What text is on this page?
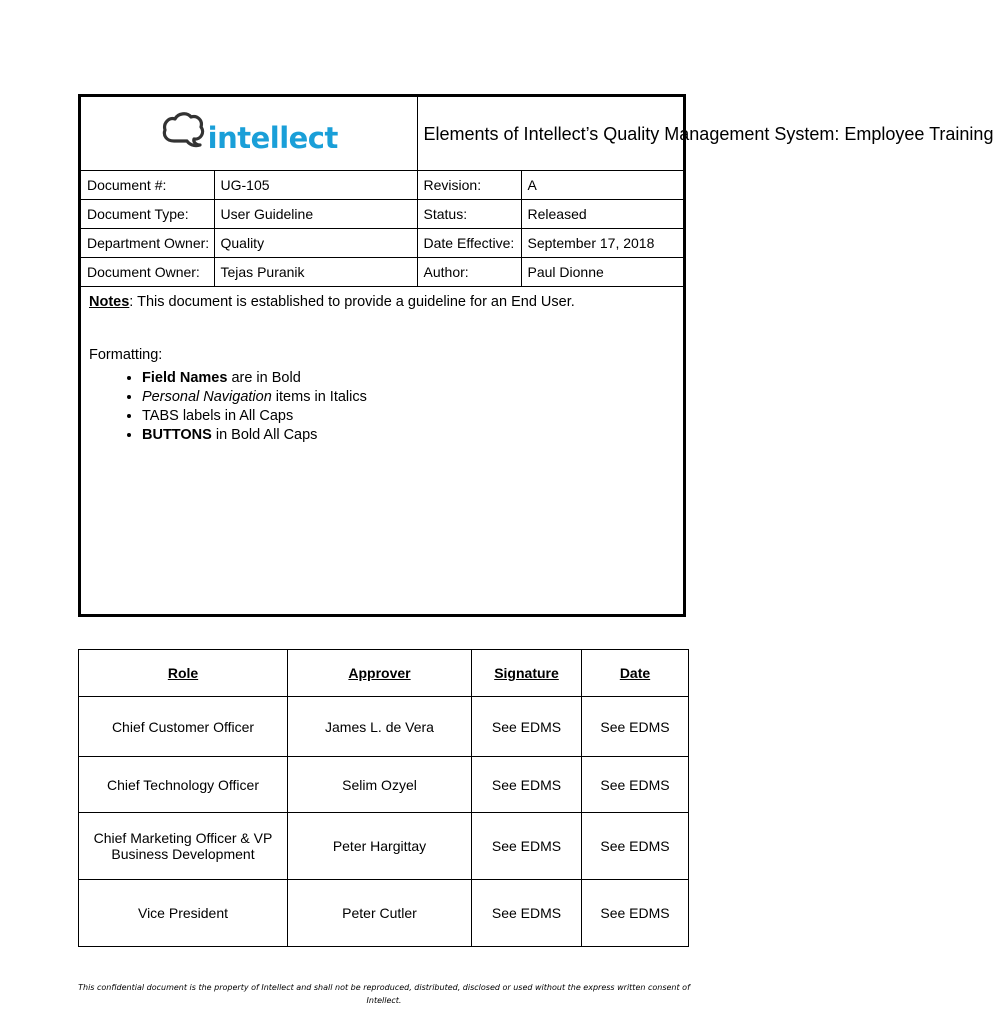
intellect		Elements of Intellect’s Quality Management System: Employee Training	
Document #:	UG-105	Revision:	A
Document Type:	User Guideline	Status:	Released
Department Owner:	Quality	Date Effective:	September 17, 2018
Document Owner:	Tejas Puranik	Author:	Paul Dionne
Notes: This document is established to provide a guideline for an End User.
Formatting:
• Field Names are in Bold
• Personal Navigation items in Italics
• TABS labels in All Caps
• BUTTONS in Bold All Caps
Role	Approver	Signature	Date
Chief Customer Officer	James L. de Vera	See EDMS	See EDMS
Chief Technology Officer	Selim Ozyel	See EDMS	See EDMS
Chief Marketing Officer & VP Business Development	Peter Hargittay	See EDMS	See EDMS
Vice President	Peter Cutler	See EDMS	See EDMS
This confidential document is the property of Intellect and shall not be reproduced, distributed, disclosed or used without the express written consent of Intellect.
